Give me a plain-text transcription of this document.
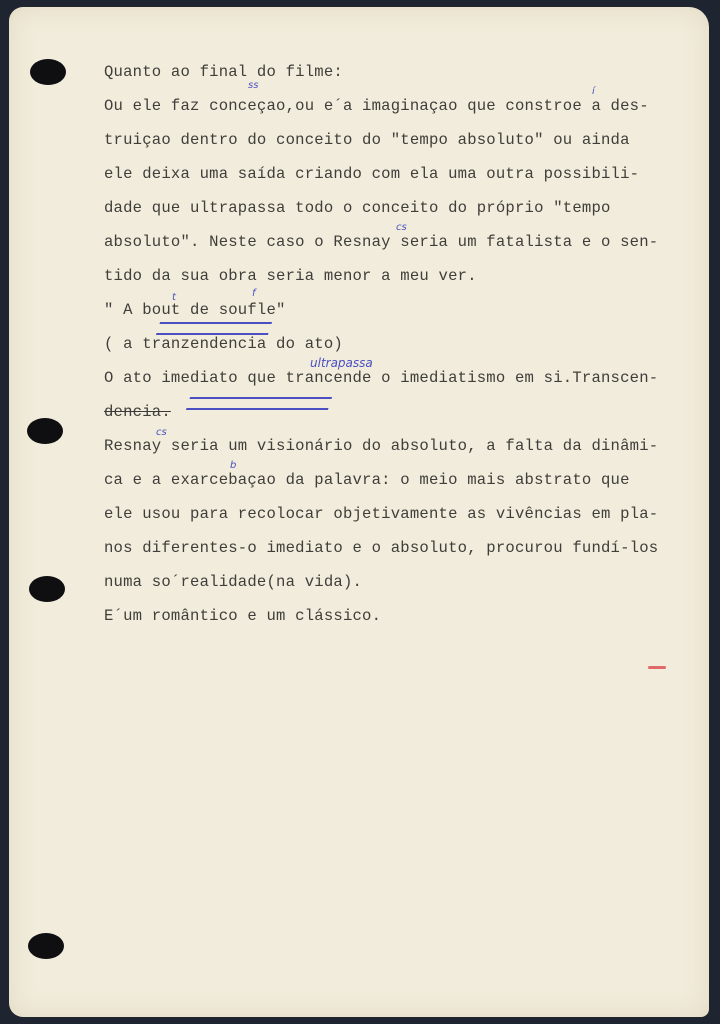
Quanto ao final do filme:
Ou ele faz conceçao,ou e´a imaginaçao que constroe a des-
truiçao dentro do conceito do "tempo absoluto" ou ainda
ele deixa uma saída criando com ela uma outra possibili-
dade que ultrapassa todo o conceito do próprio "tempo
absoluto". Neste caso o Resnay seria um fatalista e o sen-
tido da sua obra seria menor a meu ver.
" A bout de soufle"
( a tranzendencia do ato)
O ato imediato que trancende o imediatismo em si.Transcen-
dencia.
Resnay seria um visionário do absoluto, a falta da dinâmi-
ca e a exarcebaçao da palavra: o meio mais abstrato que
ele usou para recolocar objetivamente as vivências em pla-
nos diferentes-o imediato e o absoluto, procurou fundí-los
numa so´realidade(na vida).
E´um romântico e um clássico.
ss
í
cs
t	f
ultrapassa
cs
b
